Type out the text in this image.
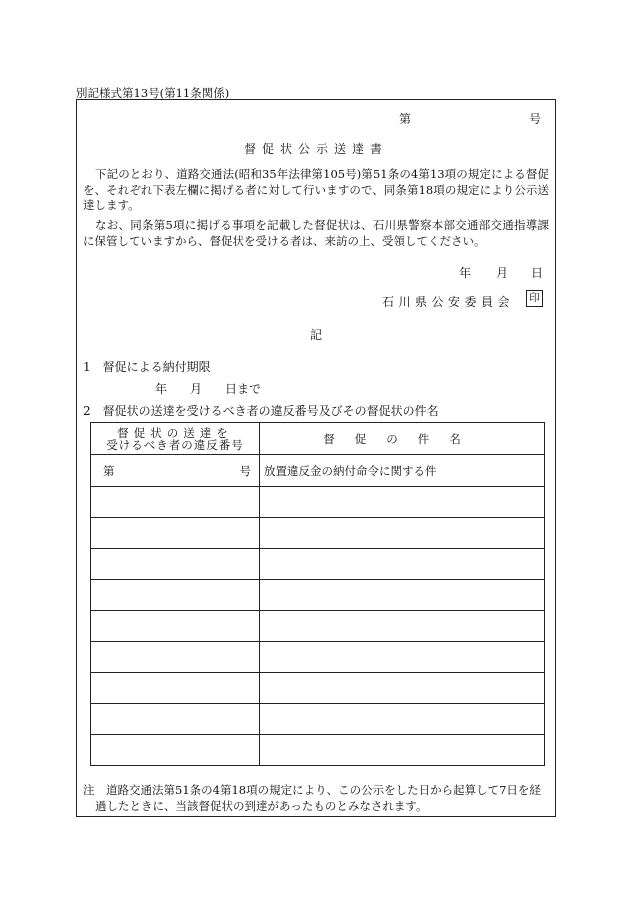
別記様式第13号(第11条関係)
第	号
督促状公示送達書
下記のとおり、道路交通法(昭和35年法律第105号)第51条の4第13項の規定による督促を、それぞれ下表左欄に掲げる者に対して行いますので、同条第18項の規定により公示送達します。
なお、同条第5項に掲げる事項を記載した督促状は、石川県警察本部交通部交通指導課に保管していますから、督促状を受ける者は、来訪の上、受領してください。
年 月 日
石川県公安委員会	印
記
1　督促による納付期限
年 月 日まで
2　督促状の送達を受けるべき者の違反番号及びその督促状の件名
督促状の送達を
受けるべき者の違反番号	督促の件名

第 号	放置違反金の納付命令に関する件

注　道路交通法第51条の4第18項の規定により、この公示をした日から起算して7日を経過したときに、当該督促状の到達があったものとみなされます。
